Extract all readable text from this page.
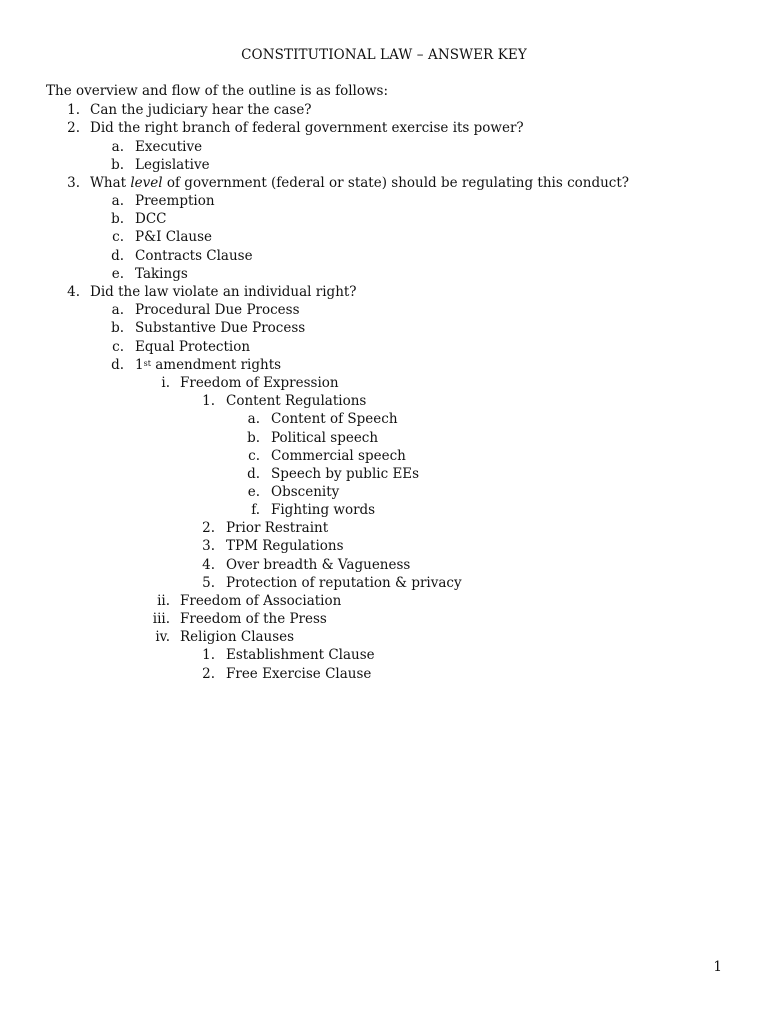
CONSTITUTIONAL LAW – ANSWER KEY
The overview and flow of the outline is as follows:
1. Can the judiciary hear the case?
2. Did the right branch of federal government exercise its power?
a. Executive
b. Legislative
3. What level of government (federal or state) should be regulating this conduct?
a. Preemption
b. DCC
c. P&I Clause
d. Contracts Clause
e. Takings
4. Did the law violate an individual right?
a. Procedural Due Process
b. Substantive Due Process
c. Equal Protection
d. 1st amendment rights
i. Freedom of Expression
1. Content Regulations
a. Content of Speech
b. Political speech
c. Commercial speech
d. Speech by public EEs
e. Obscenity
f. Fighting words
2. Prior Restraint
3. TPM Regulations
4. Over breadth & Vagueness
5. Protection of reputation & privacy
ii. Freedom of Association
iii. Freedom of the Press
iv. Religion Clauses
1. Establishment Clause
2. Free Exercise Clause
1
